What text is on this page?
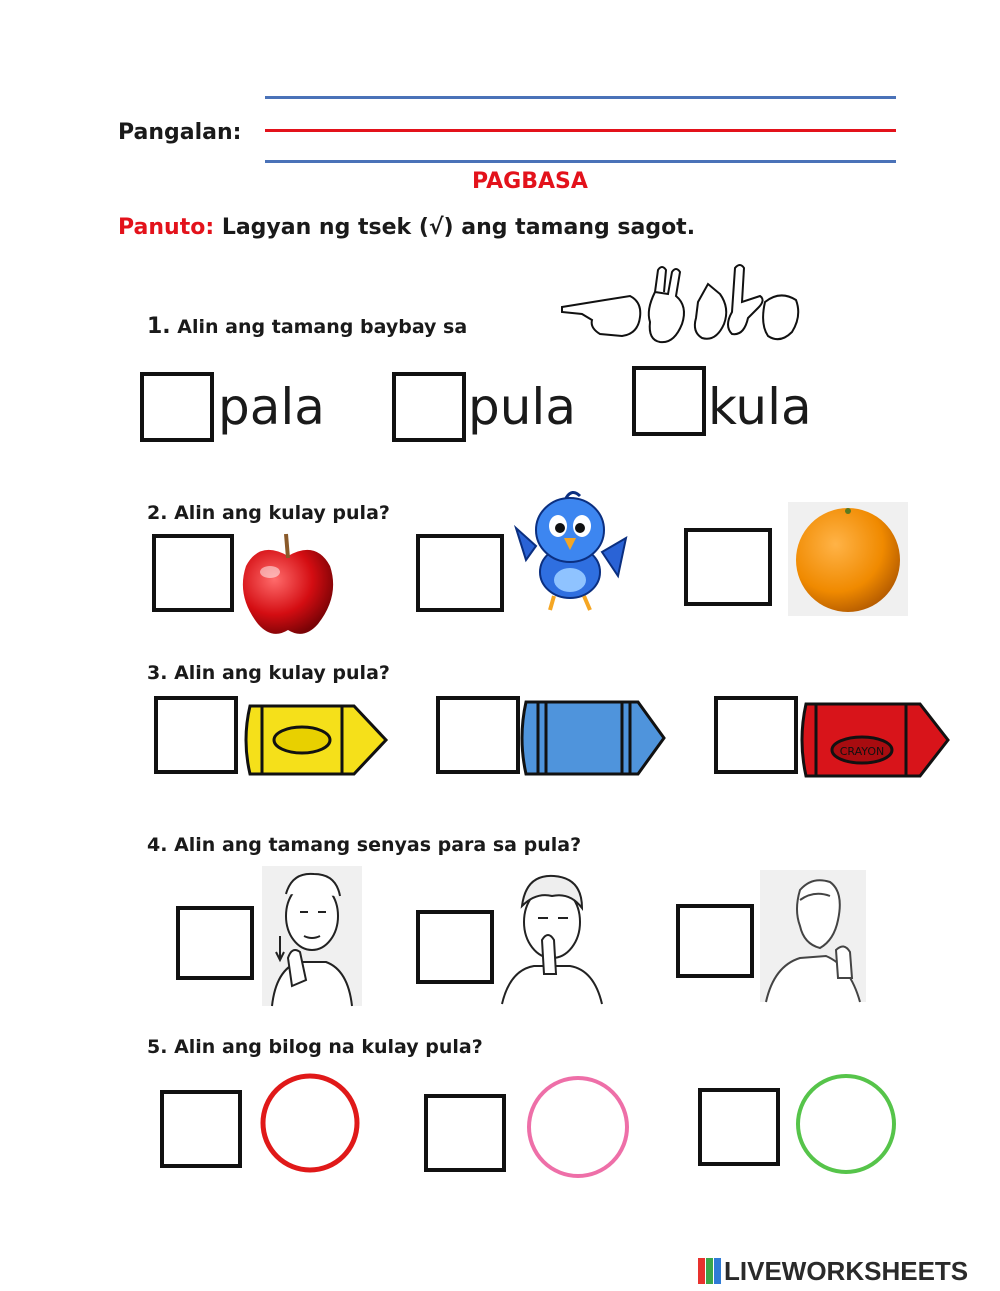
Pangalan:
PAGBASA
Panuto: Lagyan ng tsek (√) ang tamang sagot.
1. Alin ang tamang baybay sa
pala	pula	kula
2. Alin ang kulay pula?
3. Alin ang kulay pula?
CRAYON
4. Alin ang tamang senyas para sa pula?
5. Alin ang bilog na kulay pula?
LIVEWORKSHEETS
